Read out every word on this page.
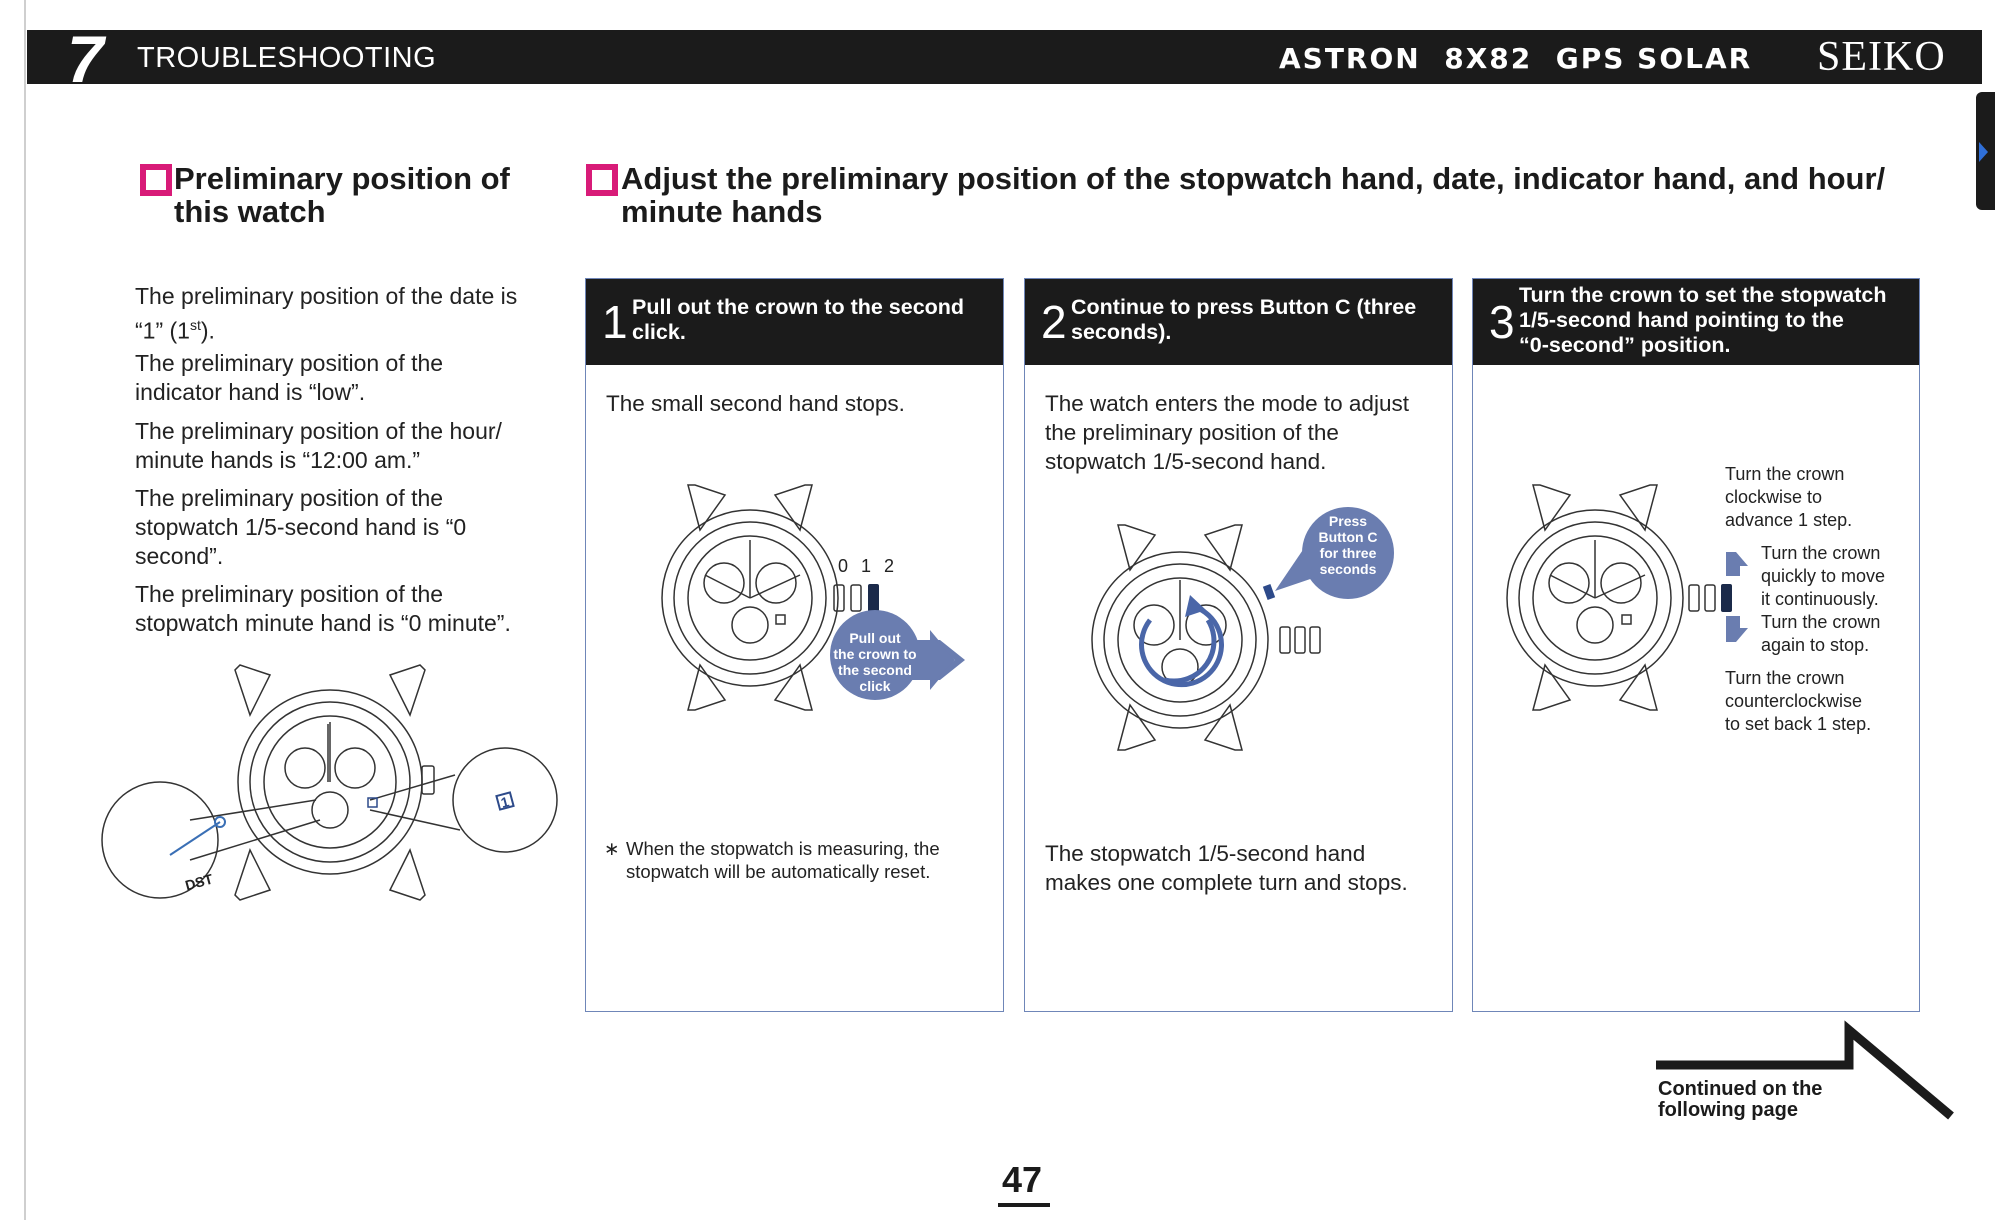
7 TROUBLESHOOTING	ASTRON  8X82  GPS SOLAR SEIKO
Preliminary position of
this watch
Adjust the preliminary position of the stopwatch hand, date, indicator hand, and hour/
minute hands
The preliminary position of the date is
“1” (1st).
The preliminary position of the
indicator hand is “low”.
The preliminary position of the hour/
minute hands is “12:00 am.”
The preliminary position of the
stopwatch 1/5-second hand is “0
second”.
The preliminary position of the
stopwatch minute hand is “0 minute”.
1
DST
1 Pull out the crown to the second
click.
The small second hand stops.
0 1 2
Pull out
the crown to
the second
click
∗ When the stopwatch is measuring, the
stopwatch will be automatically reset.
2 Continue to press Button C (three
seconds).
The watch enters the mode to adjust
the preliminary position of the
stopwatch 1/5-second hand.
The stopwatch 1/5-second hand
makes one complete turn and stops.
Press
Button C
for three
seconds
3
Turn the crown to set the stopwatch
1/5-second hand pointing to the
“0-second” position.
Turn the crown
clockwise to
advance 1 step.
Turn the crown
quickly to move
it continuously.
Turn the crown
again to stop.
Turn the crown
counterclockwise
to set back 1 step.
Continued on the
following page
47
